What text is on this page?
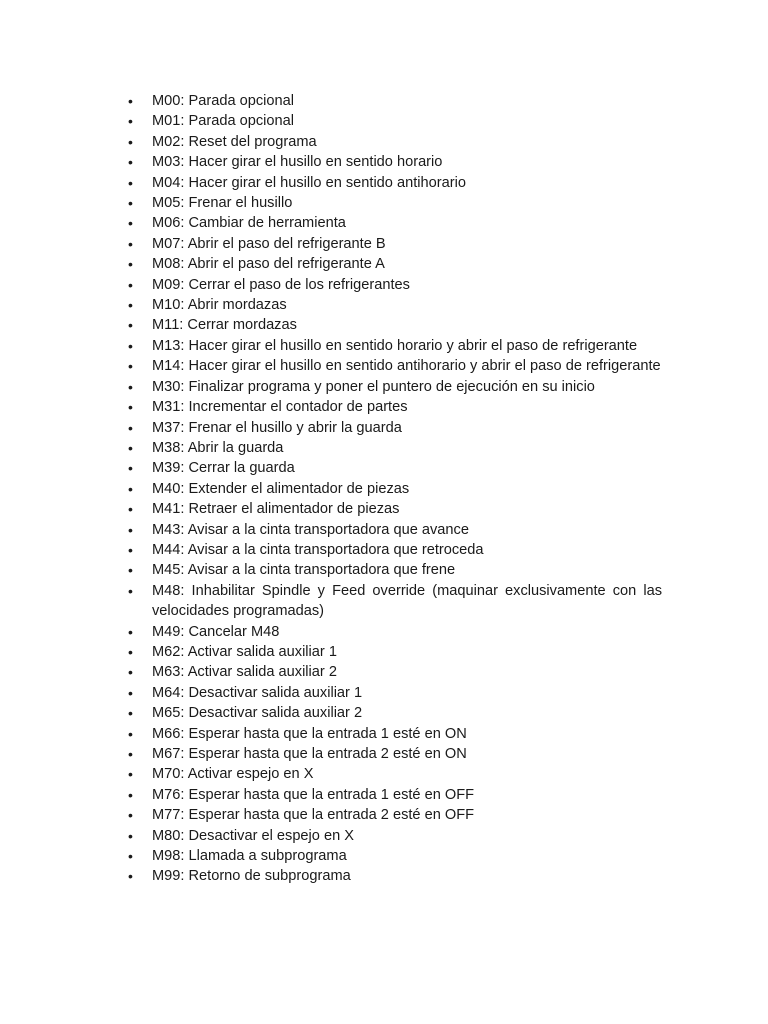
•	M00: Parada opcional
•	M01: Parada opcional
•	M02: Reset del programa
•	M03: Hacer girar el husillo en sentido horario
•	M04: Hacer girar el husillo en sentido antihorario
•	M05: Frenar el husillo
•	M06: Cambiar de herramienta
•	M07: Abrir el paso del refrigerante B
•	M08: Abrir el paso del refrigerante A
•	M09: Cerrar el paso de los refrigerantes
•	M10: Abrir mordazas
•	M11: Cerrar mordazas
•	M13: Hacer girar el husillo en sentido horario y abrir el paso de refrigerante
•	M14: Hacer girar el husillo en sentido antihorario y abrir el paso de refrigerante
•	M30: Finalizar programa y poner el puntero de ejecución en su inicio
•	M31: Incrementar el contador de partes
•	M37: Frenar el husillo y abrir la guarda
•	M38: Abrir la guarda
•	M39: Cerrar la guarda
•	M40: Extender el alimentador de piezas
•	M41: Retraer el alimentador de piezas
•	M43: Avisar a la cinta transportadora que avance
•	M44: Avisar a la cinta transportadora que retroceda
•	M45: Avisar a la cinta transportadora que frene
•	M48: Inhabilitar Spindle y Feed override (maquinar exclusivamente con las velocidades programadas)
•	M49: Cancelar M48
•	M62: Activar salida auxiliar 1
•	M63: Activar salida auxiliar 2
•	M64: Desactivar salida auxiliar 1
•	M65: Desactivar salida auxiliar 2
•	M66: Esperar hasta que la entrada 1 esté en ON
•	M67: Esperar hasta que la entrada 2 esté en ON
•	M70: Activar espejo en X
•	M76: Esperar hasta que la entrada 1 esté en OFF
•	M77: Esperar hasta que la entrada 2 esté en OFF
•	M80: Desactivar el espejo en X
•	M98: Llamada a subprograma
•	M99: Retorno de subprograma
